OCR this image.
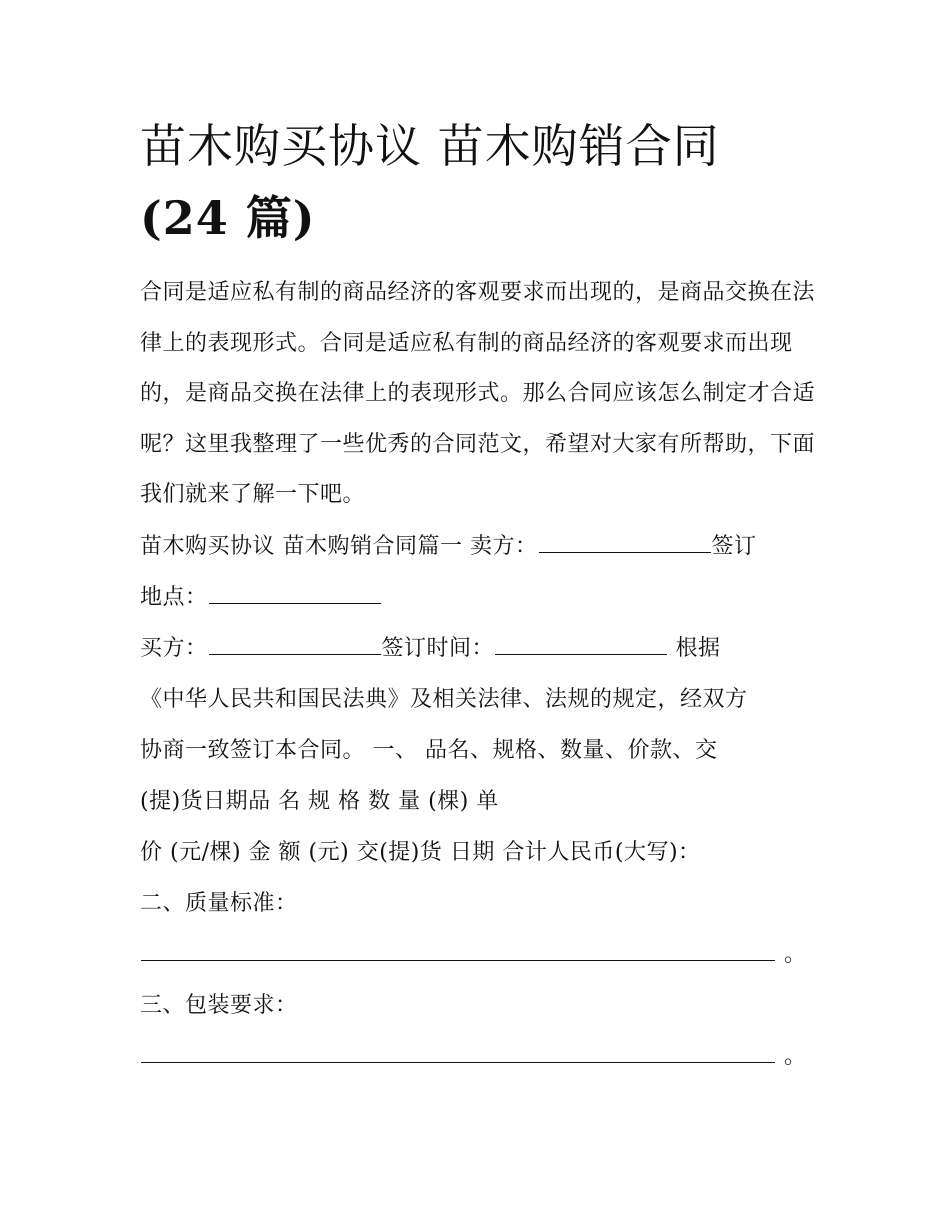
苗木购买协议 苗木购销合同
(24 篇)

合同是适应私有制的商品经济的客观要求而出现的，是商品交换在法律上的表现形式。合同是适应私有制的商品经济的客观要求而出现的，是商品交换在法律上的表现形式。那么合同应该怎么制定才合适呢？这里我整理了一些优秀的合同范文，希望对大家有所帮助，下面我们就来了解一下吧。

苗木购买协议 苗木购销合同篇一 卖方：	签订
地点：
买方：	签订时间：	根据
《中华人民共和国民法典》及相关法律、法规的规定，经双方
协商一致签订本合同。 一、 品名、规格、数量、价款、交
(提)货日期品 名 规 格 数 量 (棵) 单
价 (元/棵) 金 额 (元) 交(提)货 日期 合计人民币(大写)：
二、质量标准：
。
三、包装要求：
。
